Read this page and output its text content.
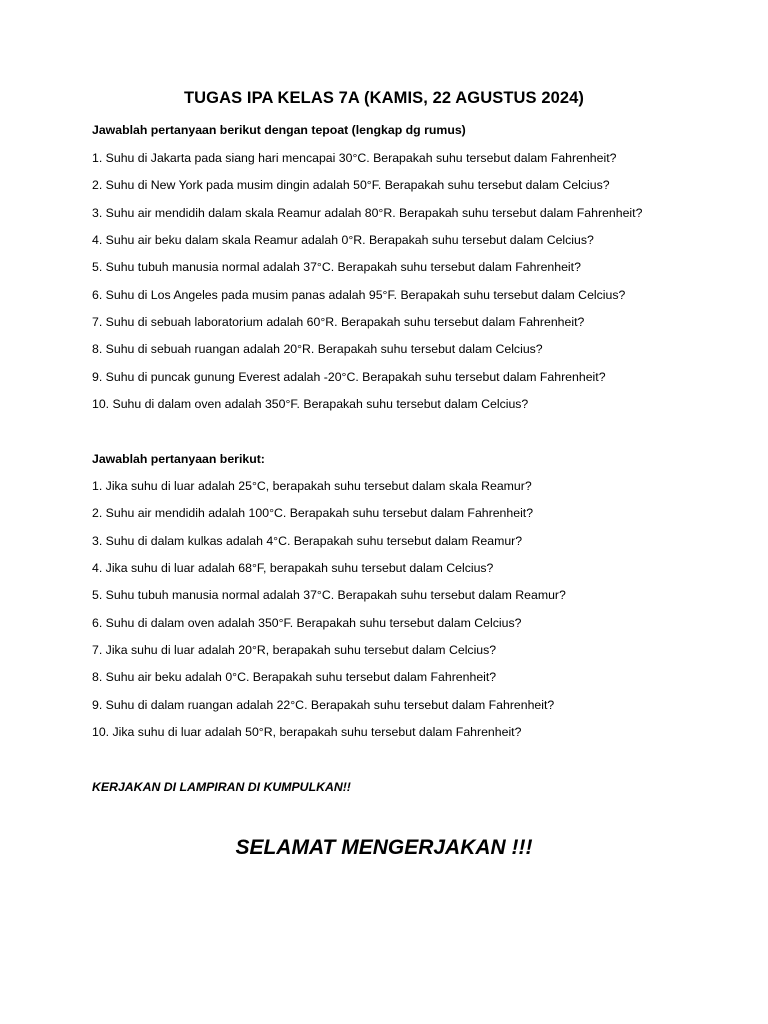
TUGAS IPA KELAS 7A (KAMIS, 22 AGUSTUS 2024)
Jawablah pertanyaan berikut dengan tepoat (lengkap dg rumus)
1. Suhu di Jakarta pada siang hari mencapai 30°C. Berapakah suhu tersebut dalam Fahrenheit?
2. Suhu di New York pada musim dingin adalah 50°F. Berapakah suhu tersebut dalam Celcius?
3. Suhu air mendidih dalam skala Reamur adalah 80°R. Berapakah suhu tersebut dalam Fahrenheit?
4. Suhu air beku dalam skala Reamur adalah 0°R. Berapakah suhu tersebut dalam Celcius?
5. Suhu tubuh manusia normal adalah 37°C. Berapakah suhu tersebut dalam Fahrenheit?
6. Suhu di Los Angeles pada musim panas adalah 95°F. Berapakah suhu tersebut dalam Celcius?
7. Suhu di sebuah laboratorium adalah 60°R. Berapakah suhu tersebut dalam Fahrenheit?
8. Suhu di sebuah ruangan adalah 20°R. Berapakah suhu tersebut dalam Celcius?
9. Suhu di puncak gunung Everest adalah -20°C. Berapakah suhu tersebut dalam Fahrenheit?
10. Suhu di dalam oven adalah 350°F. Berapakah suhu tersebut dalam Celcius?
Jawablah pertanyaan berikut:
1. Jika suhu di luar adalah 25°C, berapakah suhu tersebut dalam skala Reamur?
2. Suhu air mendidih adalah 100°C. Berapakah suhu tersebut dalam Fahrenheit?
3. Suhu di dalam kulkas adalah 4°C. Berapakah suhu tersebut dalam Reamur?
4. Jika suhu di luar adalah 68°F, berapakah suhu tersebut dalam Celcius?
5. Suhu tubuh manusia normal adalah 37°C. Berapakah suhu tersebut dalam Reamur?
6. Suhu di dalam oven adalah 350°F. Berapakah suhu tersebut dalam Celcius?
7. Jika suhu di luar adalah 20°R, berapakah suhu tersebut dalam Celcius?
8. Suhu air beku adalah 0°C. Berapakah suhu tersebut dalam Fahrenheit?
9. Suhu di dalam ruangan adalah 22°C. Berapakah suhu tersebut dalam Fahrenheit?
10. Jika suhu di luar adalah 50°R, berapakah suhu tersebut dalam Fahrenheit?
KERJAKAN DI LAMPIRAN DI KUMPULKAN!!
SELAMAT MENGERJAKAN !!!
